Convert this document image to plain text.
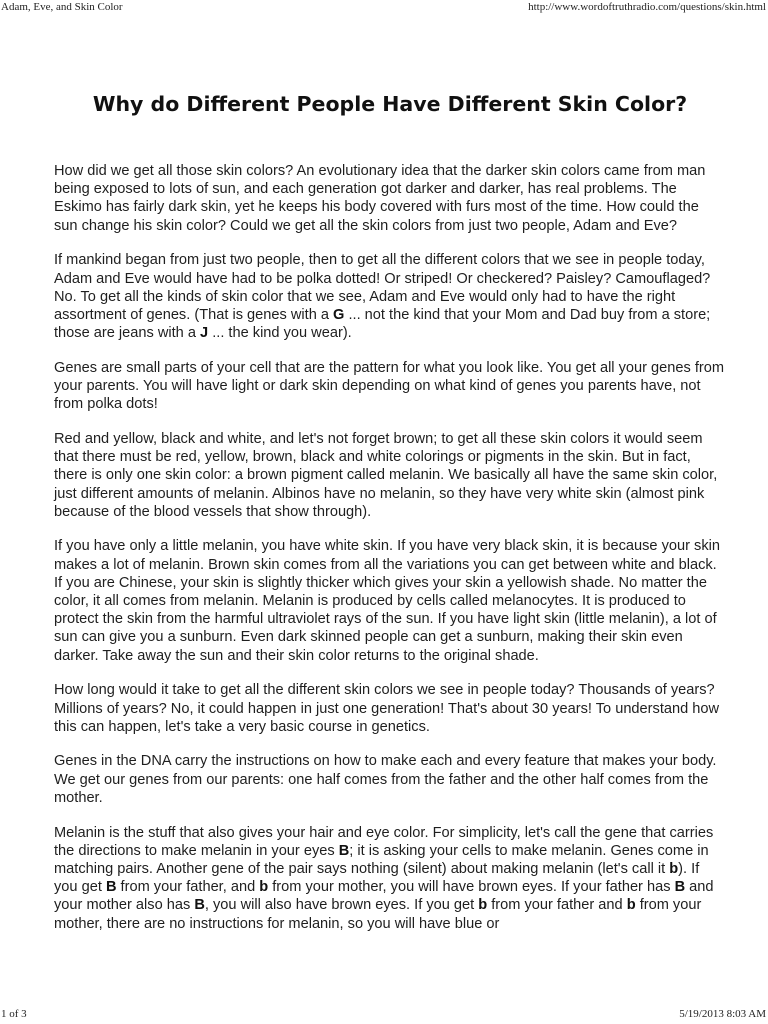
Adam, Eve, and Skin Color	http://www.wordoftruthradio.com/questions/skin.html
Why do Different People Have Different Skin Color?

How did we get all those skin colors? An evolutionary idea that the darker skin colors came from man being exposed to lots of sun, and each generation got darker and darker, has real problems. The Eskimo has fairly dark skin, yet he keeps his body covered with furs most of the time. How could the sun change his skin color? Could we get all the skin colors from just two people, Adam and Eve?

If mankind began from just two people, then to get all the different colors that we see in people today, Adam and Eve would have had to be polka dotted! Or striped! Or checkered? Paisley? Camouflaged? No. To get all the kinds of skin color that we see, Adam and Eve would only had to have the right assortment of genes. (That is genes with a G ... not the kind that your Mom and Dad buy from a store; those are jeans with a J ... the kind you wear).

Genes are small parts of your cell that are the pattern for what you look like. You get all your genes from your parents. You will have light or dark skin depending on what kind of genes you parents have, not from polka dots!

Red and yellow, black and white, and let's not forget brown; to get all these skin colors it would seem that there must be red, yellow, brown, black and white colorings or pigments in the skin. But in fact, there is only one skin color: a brown pigment called melanin. We basically all have the same skin color, just different amounts of melanin. Albinos have no melanin, so they have very white skin (almost pink because of the blood vessels that show through).

If you have only a little melanin, you have white skin. If you have very black skin, it is because your skin makes a lot of melanin. Brown skin comes from all the variations you can get between white and black. If you are Chinese, your skin is slightly thicker which gives your skin a yellowish shade. No matter the color, it all comes from melanin. Melanin is produced by cells called melanocytes. It is produced to protect the skin from the harmful ultraviolet rays of the sun. If you have light skin (little melanin), a lot of sun can give you a sunburn. Even dark skinned people can get a sunburn, making their skin even darker. Take away the sun and their skin color returns to the original shade.

How long would it take to get all the different skin colors we see in people today? Thousands of years? Millions of years? No, it could happen in just one generation! That's about 30 years! To understand how this can happen, let's take a very basic course in genetics.

Genes in the DNA carry the instructions on how to make each and every feature that makes your body. We get our genes from our parents: one half comes from the father and the other half comes from the mother.

Melanin is the stuff that also gives your hair and eye color. For simplicity, let's call the gene that carries the directions to make melanin in your eyes B; it is asking your cells to make melanin. Genes come in matching pairs. Another gene of the pair says nothing (silent) about making melanin (let's call it b). If you get B from your father, and b from your mother, you will have brown eyes. If your father has B and your mother also has B, you will also have brown eyes. If you get b from your father and b from your mother, there are no instructions for melanin, so you will have blue or

1 of 3	5/19/2013 8:03 AM
